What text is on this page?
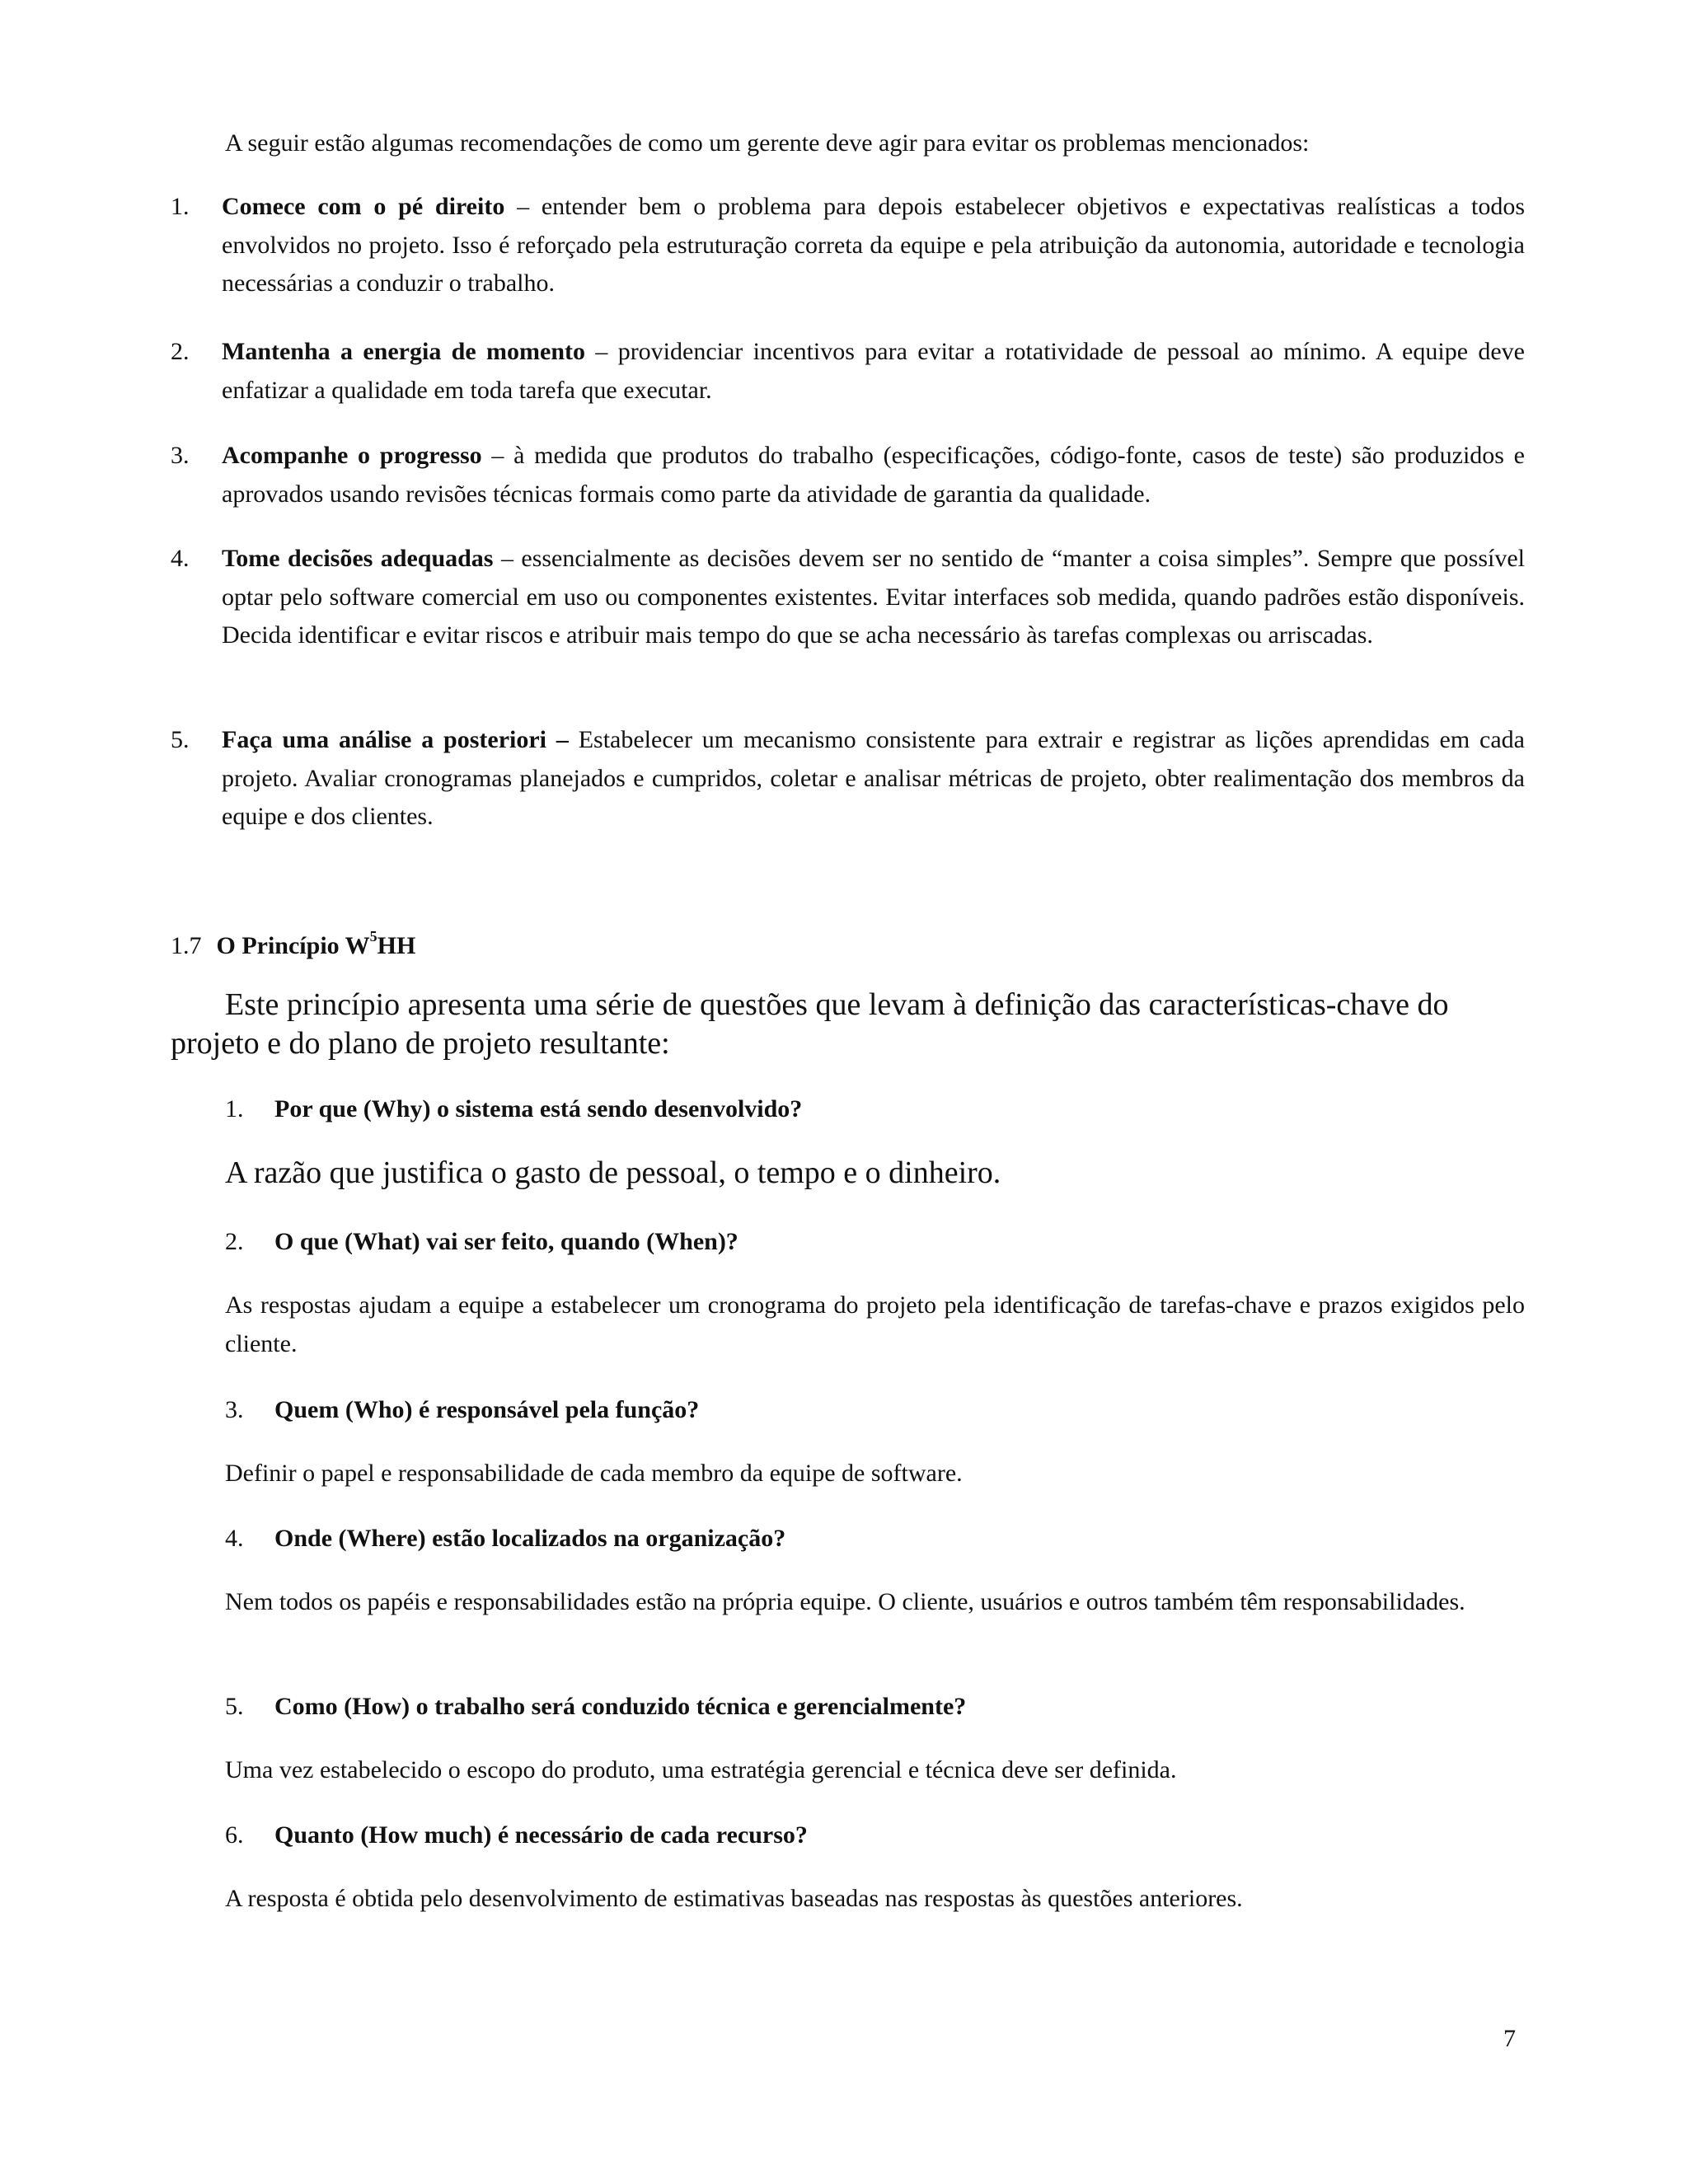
A seguir estão algumas recomendações de como um gerente deve agir para evitar os problemas mencionados:
1. Comece com o pé direito – entender bem o problema para depois estabelecer objetivos e expectativas realísticas a todos envolvidos no projeto. Isso é reforçado pela estruturação correta da equipe e pela atribuição da autonomia, autoridade e tecnologia necessárias a conduzir o trabalho.
2. Mantenha a energia de momento – providenciar incentivos para evitar a rotatividade de pessoal ao mínimo. A equipe deve enfatizar a qualidade em toda tarefa que executar.
3. Acompanhe o progresso – à medida que produtos do trabalho (especificações, código-fonte, casos de teste) são produzidos e aprovados usando revisões técnicas formais como parte da atividade de garantia da qualidade.
4. Tome decisões adequadas – essencialmente as decisões devem ser no sentido de “manter a coisa simples”. Sempre que possível optar pelo software comercial em uso ou componentes existentes. Evitar interfaces sob medida, quando padrões estão disponíveis. Decida identificar e evitar riscos e atribuir mais tempo do que se acha necessário às tarefas complexas ou arriscadas.
5. Faça uma análise a posteriori – Estabelecer um mecanismo consistente para extrair e registrar as lições aprendidas em cada projeto. Avaliar cronogramas planejados e cumpridos, coletar e analisar métricas de projeto, obter realimentação dos membros da equipe e dos clientes.
1.7 O Princípio $W^5HH$
Este princípio apresenta uma série de questões que levam à definição das características-chave do projeto e do plano de projeto resultante:
1. Por que (Why) o sistema está sendo desenvolvido?
A razão que justifica o gasto de pessoal, o tempo e o dinheiro.
2. O que (What) vai ser feito, quando (When)?
As respostas ajudam a equipe a estabelecer um cronograma do projeto pela identificação de tarefas-chave e prazos exigidos pelo cliente.
3. Quem (Who) é responsável pela função?
Definir o papel e responsabilidade de cada membro da equipe de software.
4. Onde (Where) estão localizados na organização?
Nem todos os papéis e responsabilidades estão na própria equipe. O cliente, usuários e outros também têm responsabilidades.
5. Como (How) o trabalho será conduzido técnica e gerencialmente?
Uma vez estabelecido o escopo do produto, uma estratégia gerencial e técnica deve ser definida.
6. Quanto (How much) é necessário de cada recurso?
A resposta é obtida pelo desenvolvimento de estimativas baseadas nas respostas às questões anteriores.
7
